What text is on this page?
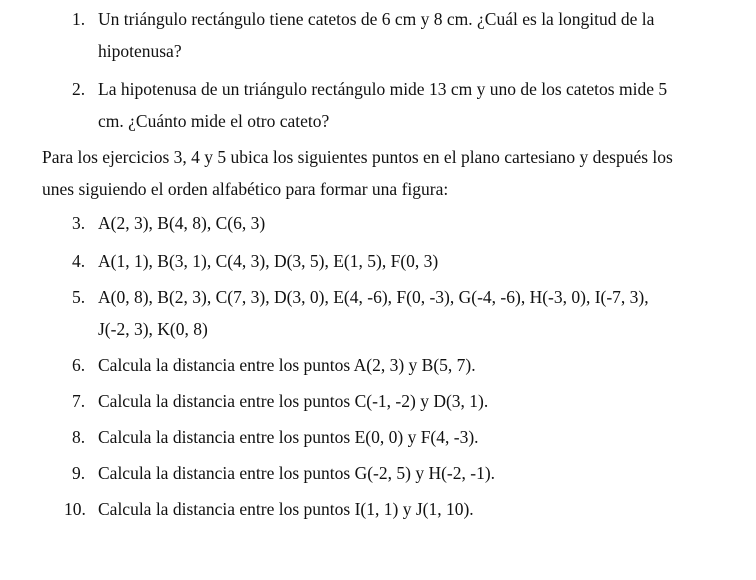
1. Un triángulo rectángulo tiene catetos de 6 cm y 8 cm. ¿Cuál es la longitud de la
hipotenusa?
2. La hipotenusa de un triángulo rectángulo mide 13 cm y uno de los catetos mide 5
cm. ¿Cuánto mide el otro cateto?
Para los ejercicios 3, 4 y 5 ubica los siguientes puntos en el plano cartesiano y después los
unes siguiendo el orden alfabético para formar una figura:
3. A(2, 3), B(4, 8), C(6, 3)
4. A(1, 1), B(3, 1), C(4, 3), D(3, 5), E(1, 5), F(0, 3)
5. A(0, 8), B(2, 3), C(7, 3), D(3, 0), E(4, -6), F(0, -3), G(-4, -6), H(-3, 0), I(-7, 3),
J(-2, 3), K(0, 8)
6. Calcula la distancia entre los puntos A(2, 3) y B(5, 7).
7. Calcula la distancia entre los puntos C(-1, -2) y D(3, 1).
8. Calcula la distancia entre los puntos E(0, 0) y F(4, -3).
9. Calcula la distancia entre los puntos G(-2, 5) y H(-2, -1).
10. Calcula la distancia entre los puntos I(1, 1) y J(1, 10).
